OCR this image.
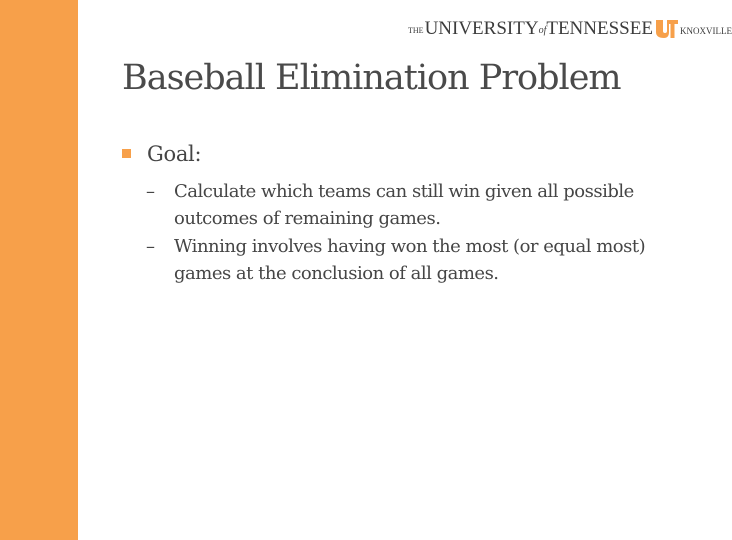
THE UNIVERSITY of TENNESSEE	KNOXVILLE
Baseball Elimination Problem
Goal:
–	Calculate which teams can still win given all possible outcomes of remaining games.
–	Winning involves having won the most (or equal most) games at the conclusion of all games.
